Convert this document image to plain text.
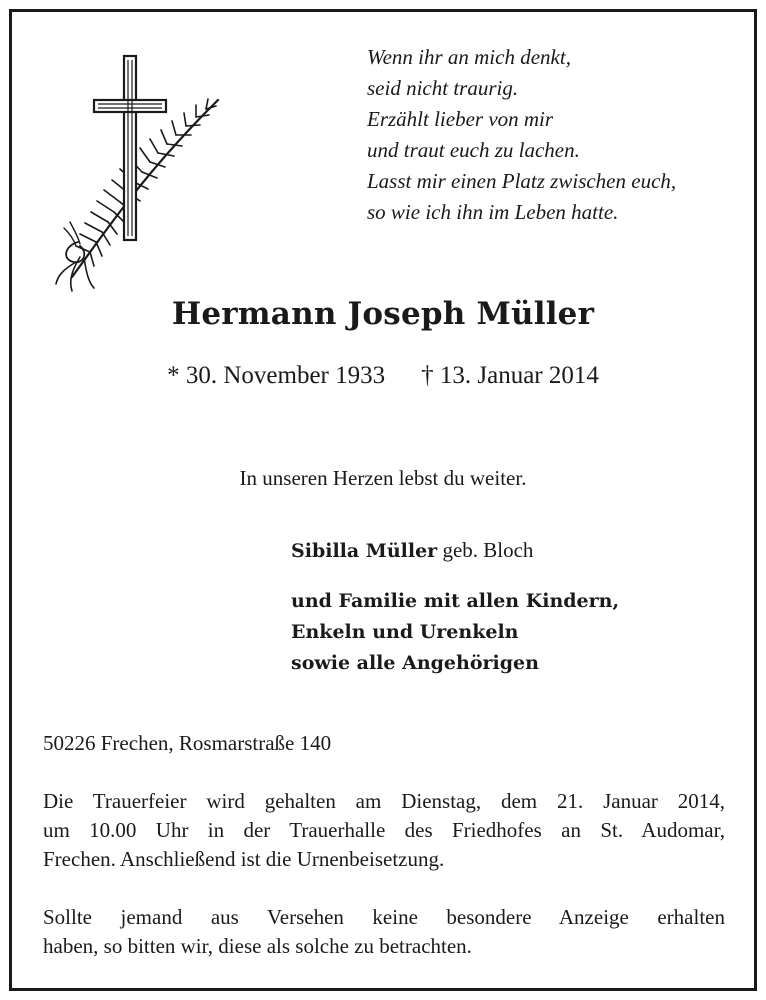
Wenn ihr an mich denkt,
seid nicht traurig.
Erzählt lieber von mir
und traut euch zu lachen.
Lasst mir einen Platz zwischen euch,
so wie ich ihn im Leben hatte.
Hermann Joseph Müller
* 30. November 1933 † 13. Januar 2014
In unseren Herzen lebst du weiter.
Sibilla Müller geb. Bloch
und Familie mit allen Kindern,
Enkeln und Urenkeln
sowie alle Angehörigen
50226 Frechen, Rosmarstraße 140
Die Trauerfeier wird gehalten am Dienstag, dem 21. Januar 2014,
um 10.00 Uhr in der Trauerhalle des Friedhofes an St. Audomar,
Frechen. Anschließend ist die Urnenbeisetzung.
Sollte jemand aus Versehen keine besondere Anzeige erhalten
haben, so bitten wir, diese als solche zu betrachten.
